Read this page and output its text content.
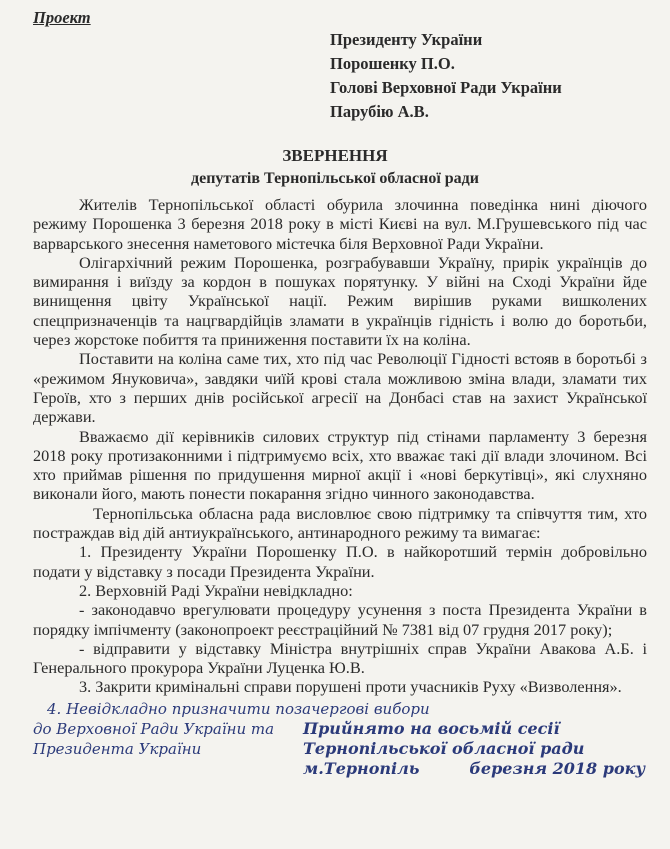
Проект
Президенту України
Порошенку П.О.
Голові Верховної Ради України
Парубію А.В.
ЗВЕРНЕННЯ
депутатів Тернопільської обласної ради

Жителів Тернопільської області обурила злочинна поведінка нині діючого режиму Порошенка 3 березня 2018 року в місті Києві на вул. М.Грушевського під час варварського знесення наметового містечка біля Верховної Ради України.

Олігархічний режим Порошенка, розграбувавши Україну, прирік українців до вимирання і виїзду за кордон в пошуках порятунку. У війні на Сході України йде винищення цвіту Української нації. Режим вирішив руками вишколених спецпризначенців та нацгвардійців зламати в українців гідність і волю до боротьби, через жорстоке побиття та приниження поставити їх на коліна.

Поставити на коліна саме тих, хто під час Революції Гідності встояв в боротьбі з «режимом Януковича», завдяки чиїй крові стала можливою зміна влади, зламати тих Героїв, хто з перших днів російської агресії на Донбасі став на захист Української держави.

Вважаємо дії керівників силових структур під стінами парламенту 3 березня 2018 року протизаконними і підтримуємо всіх, хто вважає такі дії влади злочином. Всі хто приймав рішення по придушення мирної акції і «нові беркутівці», які слухняно виконали його, мають понести покарання згідно чинного законодавства.

Тернопільська обласна рада висловлює свою підтримку та співчуття тим, хто постраждав від дій антиукраїнського, антинародного режиму та вимагає:

1. Президенту України Порошенку П.О. в найкоротший термін добровільно подати у відставку з посади Президента України.

2. Верховній Раді України невідкладно:

- законодавчо врегулювати процедуру усунення з поста Президента України в порядку імпічменту (законопроект реєстраційний № 7381 від 07 грудня 2017 року);

- відправити у відставку Міністра внутрішніх справ України Авакова А.Б. і Генерального прокурора України Луценка Ю.В.

3. Закрити кримінальні справи порушені проти учасників Руху «Визволення».

4. Невідкладно призначити позачергові вибори
до Верховної Ради України та Президента України
Прийнято на восьмій сесії
Тернопільської обласної ради
м.Тернопіль	березня 2018 року
